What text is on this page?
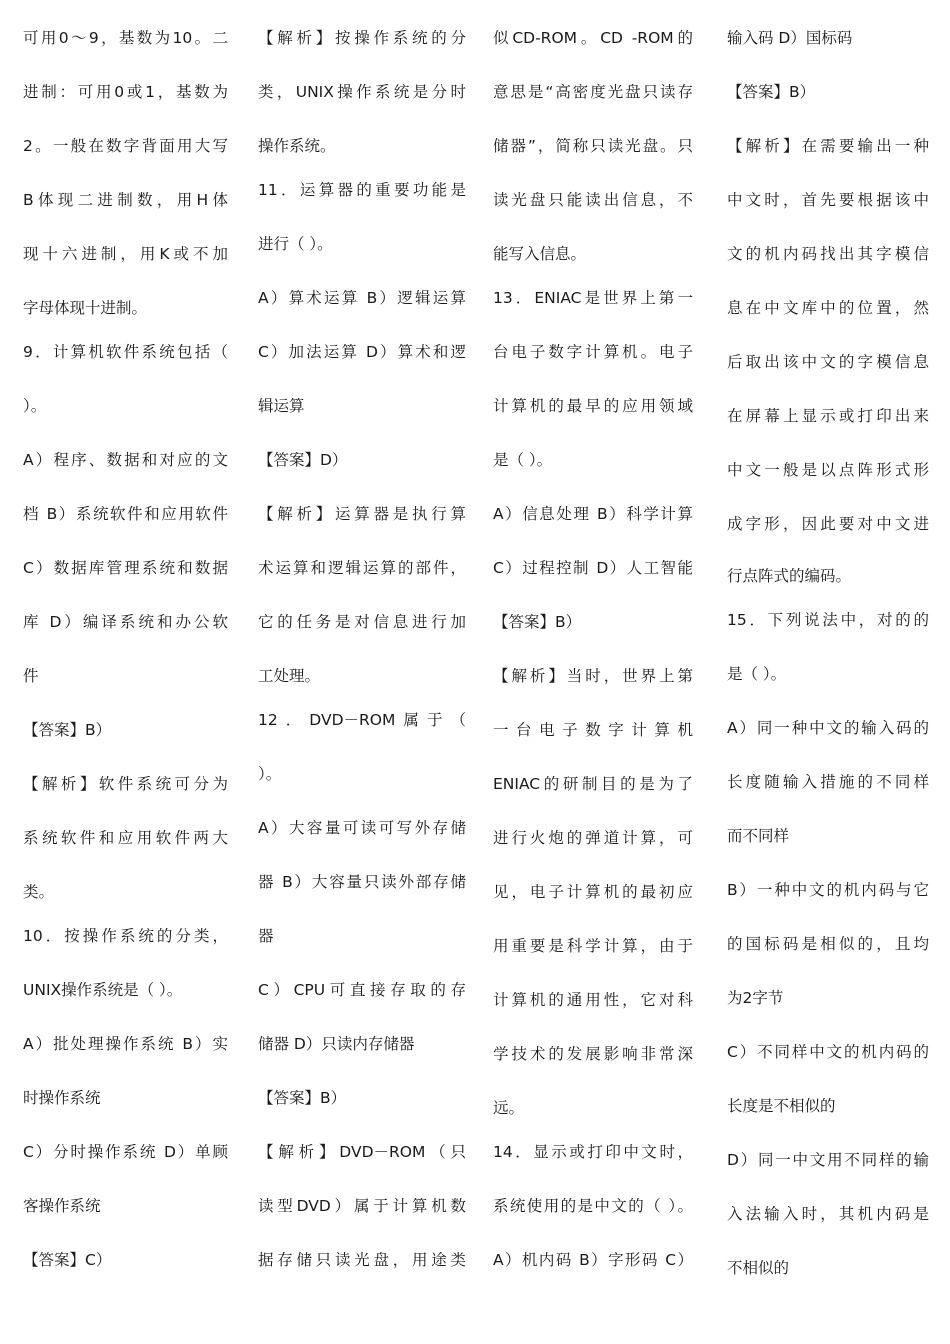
可用0～9，基数为10。二
进制：可用0或1，基数为
2。一般在数字背面用大写
B体现二进制数，用H体
现十六进制，用K或不加
字母体现十进制。
9．计算机软件系统包括（
）。
A）程序、数据和对应的文
档 B）系统软件和应用软件
C）数据库管理系统和数据
库 D）编译系统和办公软
件
【答案】B）
【解析】软件系统可分为
系统软件和应用软件两大
类。
10．按操作系统的分类，
UNIX操作系统是（ ）。
A）批处理操作系统 B）实
时操作系统
C）分时操作系统 D）单顾
客操作系统
【答案】C）
【解析】按操作系统的分
类，UNIX操作系统是分时
操作系统。
11．运算器的重要功能是
进行（ ）。
A）算术运算 B）逻辑运算
C）加法运算 D）算术和逻
辑运算
【答案】D）
【解析】运算器是执行算
术运算和逻辑运算的部件，
它的任务是对信息进行加
工处理。
12．DVD－ROM属于（
）。
A）大容量可读可写外存储
器 B）大容量只读外部存储
器
C）CPU可直接存取的存
储器 D）只读内存储器
【答案】B）
【解析】DVD－ROM（只
读型DVD）属于计算机数
据存储只读光盘，用途类
似CD-ROM。CD -ROM的
意思是“高密度光盘只读存
储器”，简称只读光盘。只
读光盘只能读出信息，不
能写入信息。
13．ENIAC是世界上第一
台电子数字计算机。电子
计算机的最早的应用领域
是（ ）。
A）信息处理 B）科学计算
C）过程控制 D）人工智能
【答案】B）
【解析】当时，世界上第
一台电子数字计算机
ENIAC的研制目的是为了
进行火炮的弹道计算，可
见，电子计算机的最初应
用重要是科学计算，由于
计算机的通用性，它对科
学技术的发展影响非常深
远。
14．显示或打印中文时，
系统使用的是中文的（ ）。
A）机内码 B）字形码 C）
输入码 D）国标码
【答案】B）
【解析】在需要输出一种
中文时，首先要根据该中
文的机内码找出其字模信
息在中文库中的位置，然
后取出该中文的字模信息
在屏幕上显示或打印出来
中文一般是以点阵形式形
成字形，因此要对中文进
行点阵式的编码。
15．下列说法中，对的的
是（ ）。
A）同一种中文的输入码的
长度随输入措施的不同样
而不同样
B）一种中文的机内码与它
的国标码是相似的，且均
为2字节
C）不同样中文的机内码的
长度是不相似的
D）同一中文用不同样的输
入法输入时，其机内码是
不相似的
